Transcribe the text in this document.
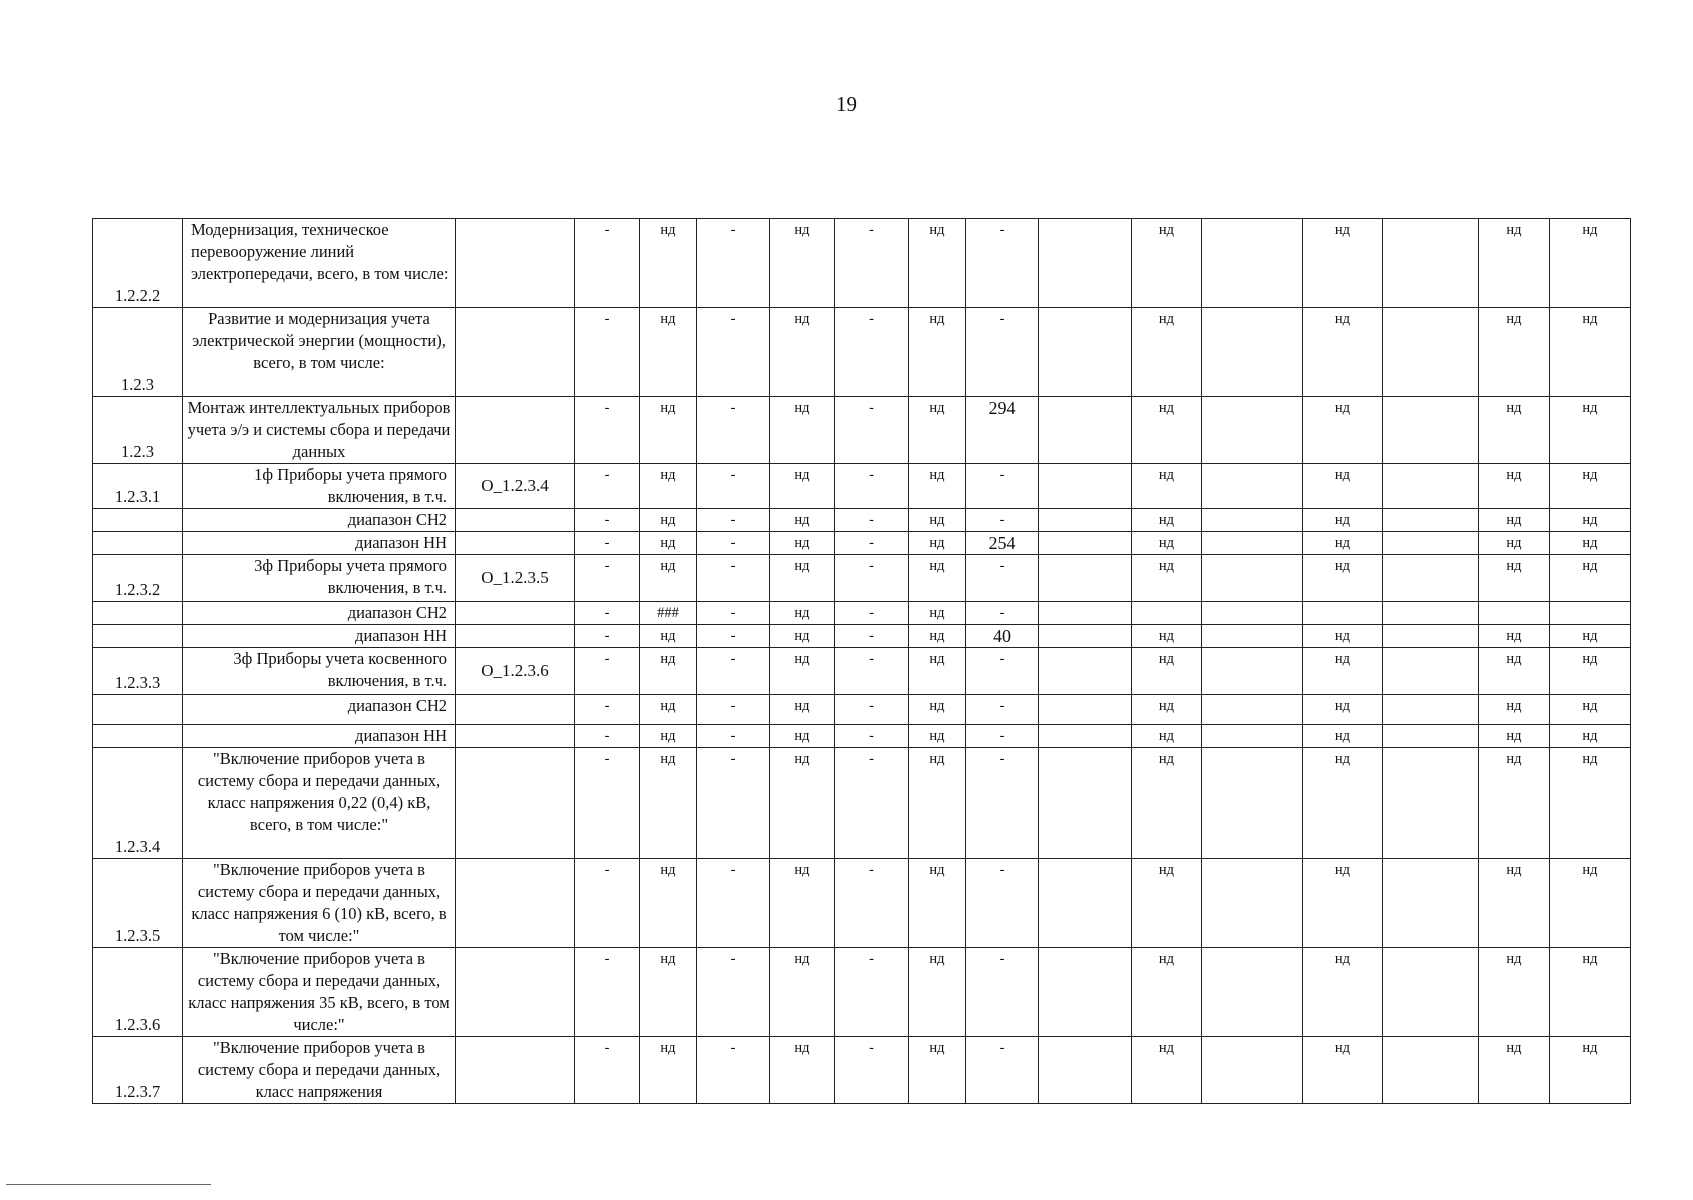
19
1.2.2.2	Модернизация, техническое перевооружение линий электропередачи, всего, в том числе:		-	нд	-	нд	-	нд	-		нд		нд		нд	нд
1.2.3	Развитие и модернизация учета электрической энергии (мощности), всего, в том числе:		-	нд	-	нд	-	нд	-		нд		нд		нд	нд
1.2.3	Монтаж интеллектуальных приборов учета э/э и системы сбора и передачи данных		-	нд	-	нд	-	нд	294		нд		нд		нд	нд
1.2.3.1	1ф Приборы учета прямого включения, в т.ч.	О_1.2.3.4	-	нд	-	нд	-	нд	-		нд		нд		нд	нд
	диапазон СН2		-	нд	-	нд	-	нд	-		нд		нд		нд	нд
	диапазон НН		-	нд	-	нд	-	нд	254		нд		нд		нд	нд
1.2.3.2	3ф Приборы учета прямого включения, в т.ч.	О_1.2.3.5	-	нд	-	нд	-	нд	-		нд		нд		нд	нд
	диапазон СН2		-	###	-	нд	-	нд	-							
	диапазон НН		-	нд	-	нд	-	нд	40		нд		нд		нд	нд
1.2.3.3	3ф Приборы учета косвенного включения, в т.ч.	О_1.2.3.6	-	нд	-	нд	-	нд	-		нд		нд		нд	нд
	диапазон СН2		-	нд	-	нд	-	нд	-		нд		нд		нд	нд
	диапазон НН		-	нд	-	нд	-	нд	-		нд		нд		нд	нд
1.2.3.4	"Включение приборов учета в систему сбора и передачи данных, класс напряжения 0,22 (0,4) кВ, всего, в том числе:"		-	нд	-	нд	-	нд	-		нд		нд		нд	нд
1.2.3.5	"Включение приборов учета в систему сбора и передачи данных, класс напряжения 6 (10) кВ, всего, в том числе:"		-	нд	-	нд	-	нд	-		нд		нд		нд	нд
1.2.3.6	"Включение приборов учета в систему сбора и передачи данных, класс напряжения 35 кВ, всего, в том числе:"		-	нд	-	нд	-	нд	-		нд		нд		нд	нд
1.2.3.7	"Включение приборов учета в систему сбора и передачи данных, класс напряжения		-	нд	-	нд	-	нд	-		нд		нд		нд	нд
